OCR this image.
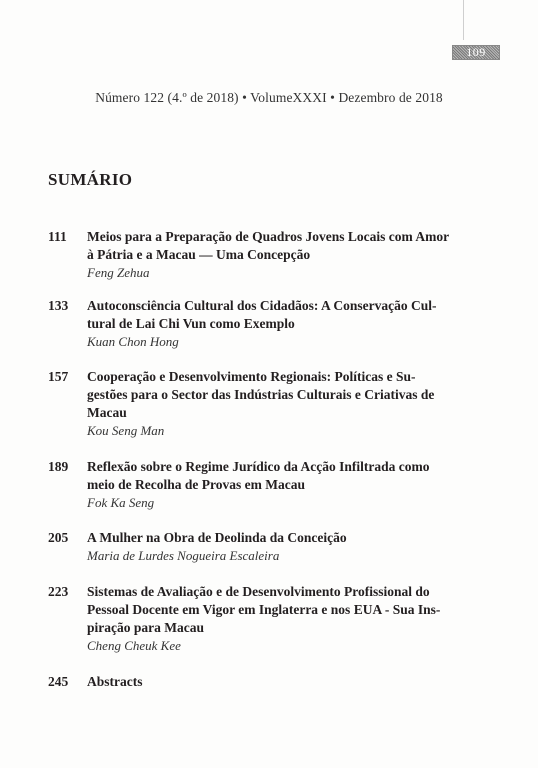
109
Número 122 (4.º de 2018) • VolumeXXXI • Dezembro de 2018
SUMÁRIO
111 Meios para a Preparação de Quadros Jovens Locais com Amor
à Pátria e a Macau — Uma Concepção
Feng Zehua
133 Autoconsciência Cultural dos Cidadãos: A Conservação Cul-
tural de Lai Chi Vun como Exemplo
Kuan Chon Hong
157 Cooperação e Desenvolvimento Regionais: Políticas e Su-
gestões para o Sector das Indústrias Culturais e Criativas de
Macau
Kou Seng Man
189 Reflexão sobre o Regime Jurídico da Acção Infiltrada como
meio de Recolha de Provas em Macau
Fok Ka Seng
205 A Mulher na Obra de Deolinda da Conceição
Maria de Lurdes Nogueira Escaleira
223 Sistemas de Avaliação e de Desenvolvimento Profissional do
Pessoal Docente em Vigor em Inglaterra e nos EUA - Sua Ins-
piração para Macau
Cheng Cheuk Kee
245 Abstracts
